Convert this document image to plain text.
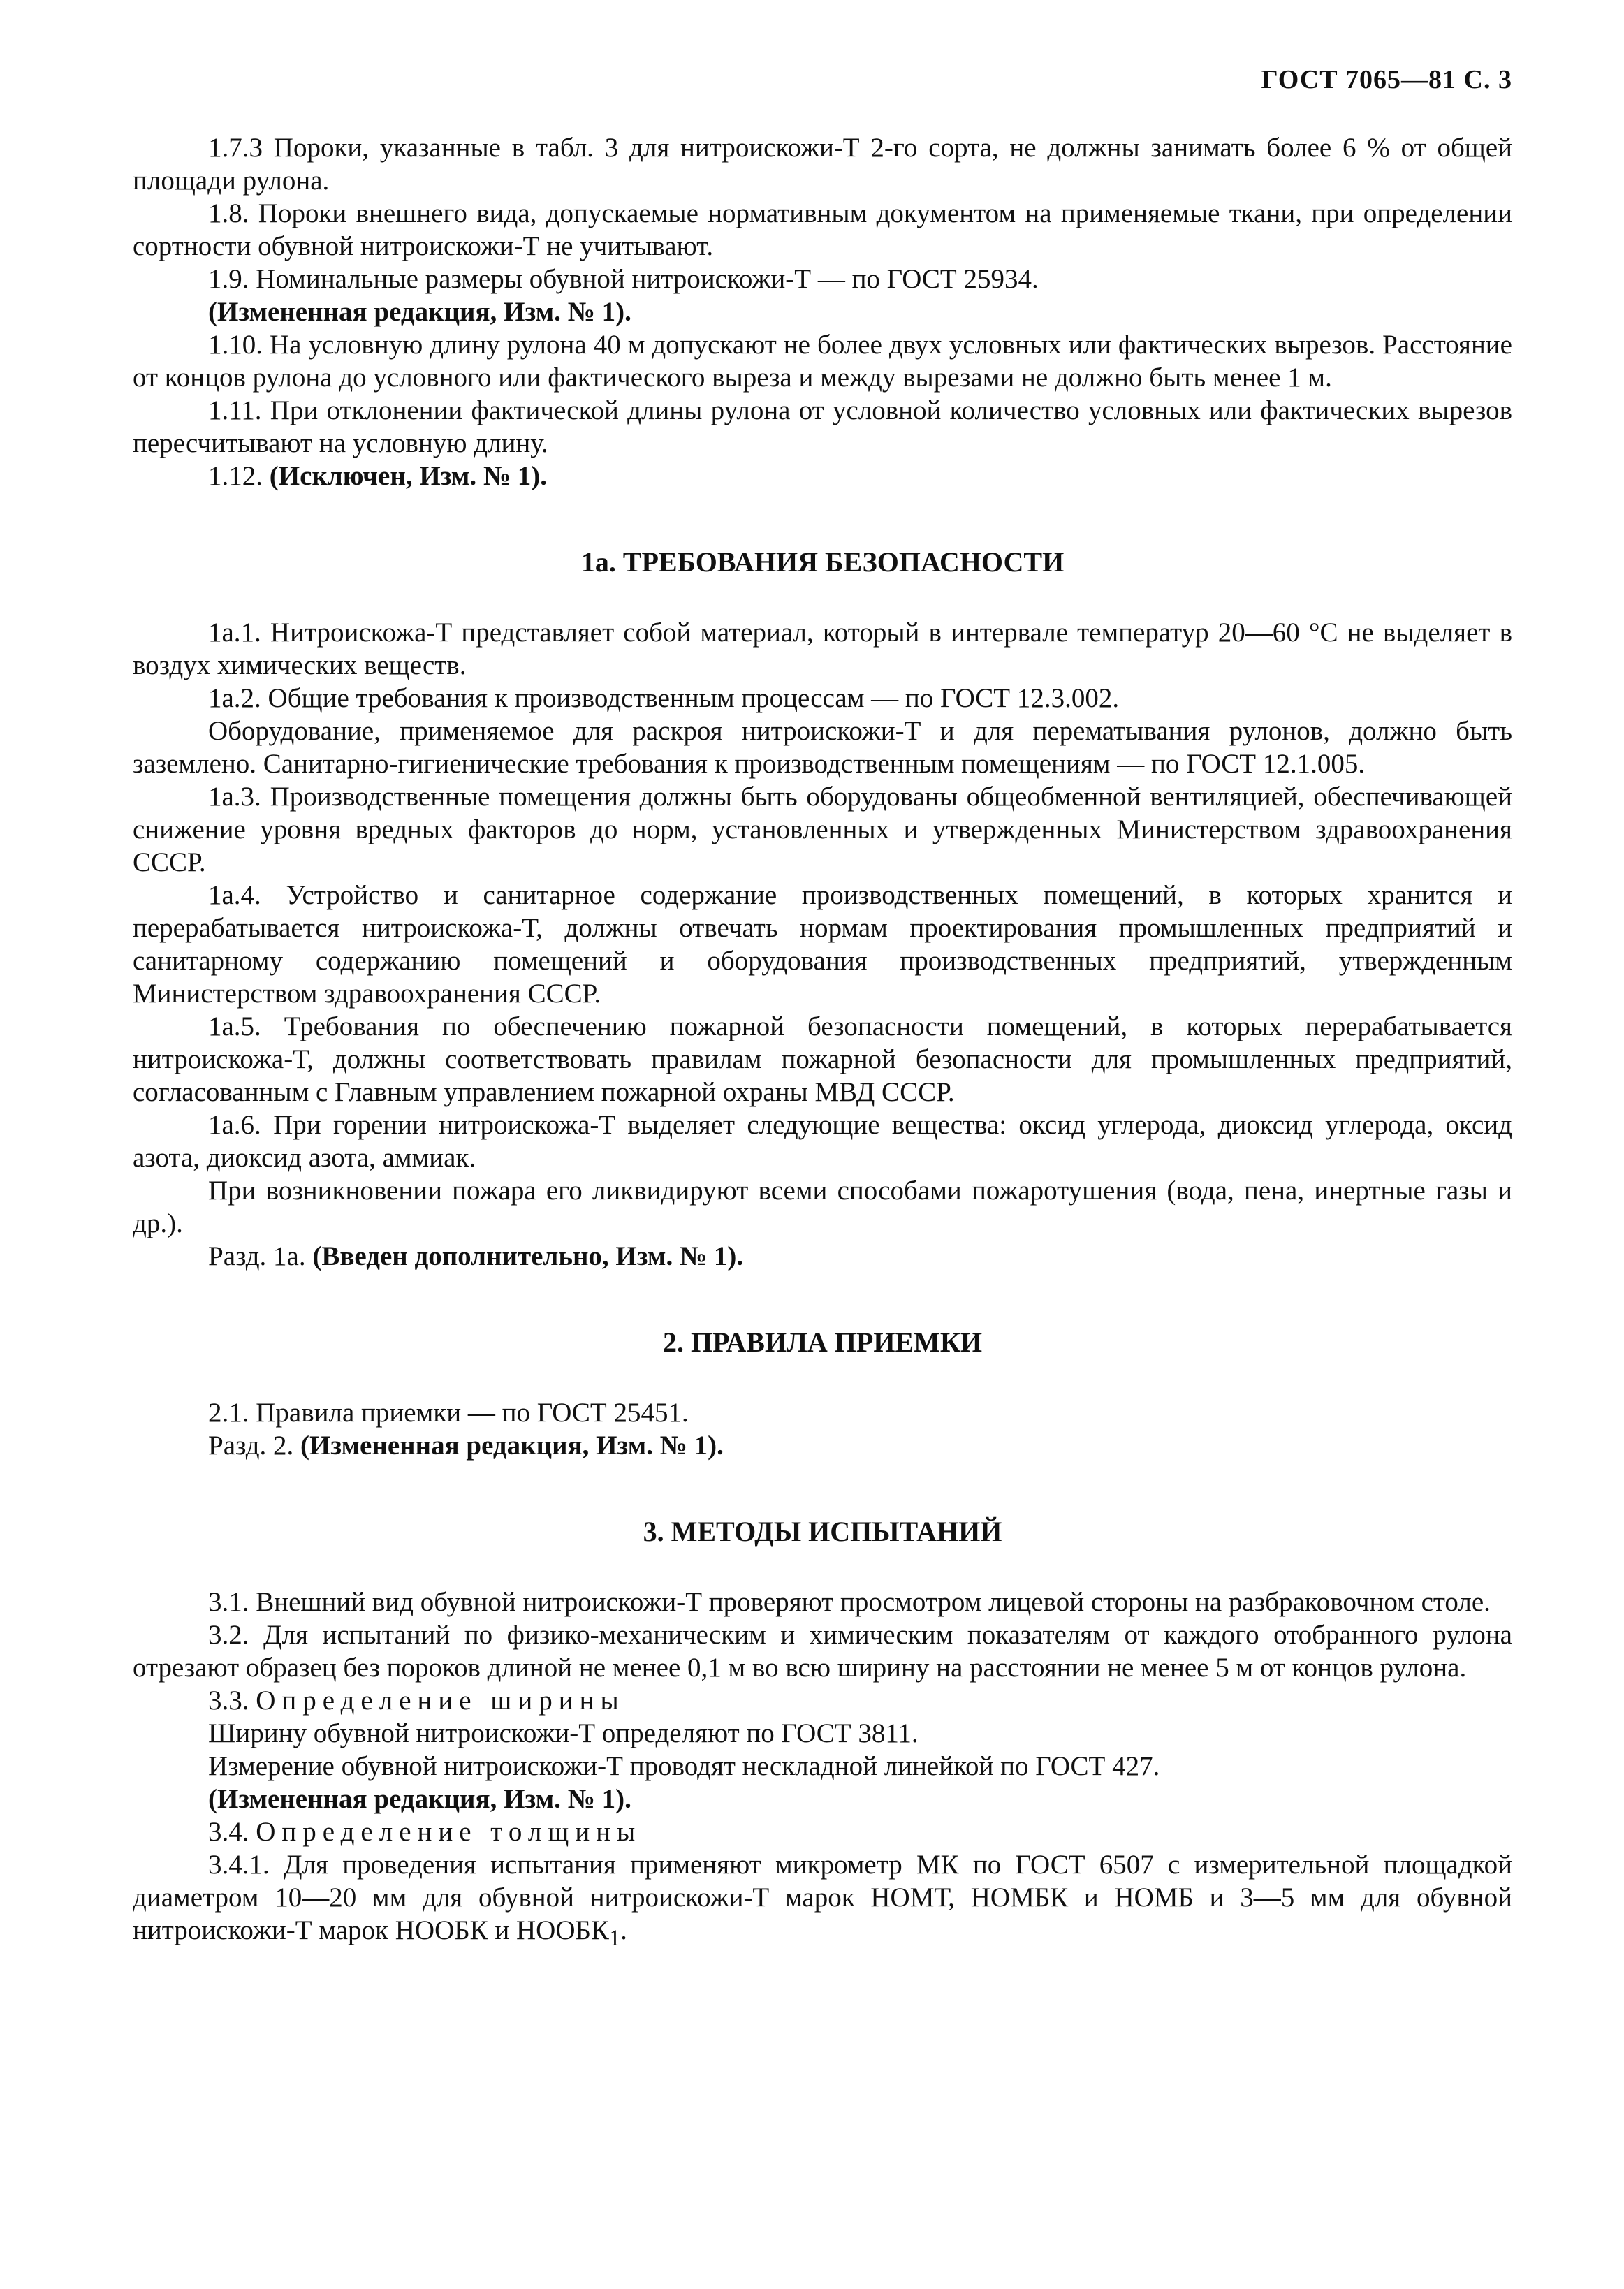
ГОСТ 7065—81 С. 3

1.7.3 Пороки, указанные в табл. 3 для нитроискожи-Т 2-го сорта, не должны занимать более 6 % от общей площади рулона.

1.8. Пороки внешнего вида, допускаемые нормативным документом на применяемые ткани, при определении сортности обувной нитроискожи-Т не учитывают.

1.9. Номинальные размеры обувной нитроискожи-Т — по ГОСТ 25934.

(Измененная редакция, Изм. № 1).

1.10. На условную длину рулона 40 м допускают не более двух условных или фактических вырезов. Расстояние от концов рулона до условного или фактического выреза и между вырезами не должно быть менее 1 м.

1.11. При отклонении фактической длины рулона от условной количество условных или фактических вырезов пересчитывают на условную длину.

1.12. (Исключен, Изм. № 1).

1а. ТРЕБОВАНИЯ БЕЗОПАСНОСТИ

1а.1. Нитроискожа-Т представляет собой материал, который в интервале температур 20—60 °С не выделяет в воздух химических веществ.

1а.2. Общие требования к производственным процессам — по ГОСТ 12.3.002.

Оборудование, применяемое для раскроя нитроискожи-Т и для перематывания рулонов, должно быть заземлено. Санитарно-гигиенические требования к производственным помещениям — по ГОСТ 12.1.005.

1а.3. Производственные помещения должны быть оборудованы общеобменной вентиляцией, обеспечивающей снижение уровня вредных факторов до норм, установленных и утвержденных Министерством здравоохранения СССР.

1а.4. Устройство и санитарное содержание производственных помещений, в которых хранится и перерабатывается нитроискожа-Т, должны отвечать нормам проектирования промышленных предприятий и санитарному содержанию помещений и оборудования производственных предприятий, утвержденным Министерством здравоохранения СССР.

1а.5. Требования по обеспечению пожарной безопасности помещений, в которых перерабатывается нитроискожа-Т, должны соответствовать правилам пожарной безопасности для промышленных предприятий, согласованным с Главным управлением пожарной охраны МВД СССР.

1а.6. При горении нитроискожа-Т выделяет следующие вещества: оксид углерода, диоксид углерода, оксид азота, диоксид азота, аммиак.

При возникновении пожара его ликвидируют всеми способами пожаротушения (вода, пена, инертные газы и др.).

Разд. 1а. (Введен дополнительно, Изм. № 1).

2. ПРАВИЛА ПРИЕМКИ

2.1. Правила приемки — по ГОСТ 25451.

Разд. 2. (Измененная редакция, Изм. № 1).

3. МЕТОДЫ ИСПЫТАНИЙ

3.1. Внешний вид обувной нитроискожи-Т проверяют просмотром лицевой стороны на разбраковочном столе.

3.2. Для испытаний по физико-механическим и химическим показателям от каждого отобранного рулона отрезают образец без пороков длиной не менее 0,1 м во всю ширину на расстоянии не менее 5 м от концов рулона.

3.3. Определение ширины

Ширину обувной нитроискожи-Т определяют по ГОСТ 3811.

Измерение обувной нитроискожи-Т проводят нескладной линейкой по ГОСТ 427.

(Измененная редакция, Изм. № 1).

3.4. Определение толщины

3.4.1. Для проведения испытания применяют микрометр МК по ГОСТ 6507 с измерительной площадкой диаметром 10—20 мм для обувной нитроискожи-Т марок НОМТ, НОМБК и НОМБ и 3—5 мм для обувной нитроискожи-Т марок НООБК и $НООБК_1$.
